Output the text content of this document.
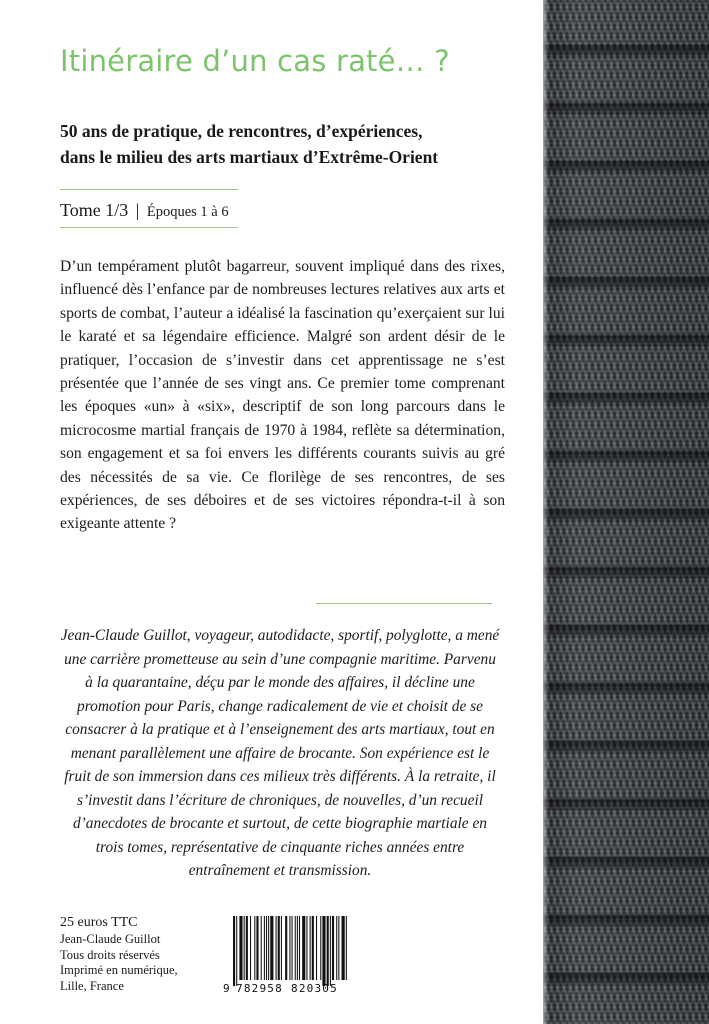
Itinéraire d’un cas raté… ?
50 ans de pratique, de rencontres, d’expériences,
dans le milieu des arts martiaux d’Extrême-Orient
Tome 1/3 | Époques 1 à 6

D’un tempérament plutôt bagarreur, souvent impliqué dans des rixes, influencé dès l’enfance par de nombreuses lectures relatives aux arts et sports de combat, l’auteur a idéalisé la fascination qu’exerçaient sur lui le karaté et sa légendaire efficience. Malgré son ardent désir de le pratiquer, l’occasion de s’investir dans cet apprentissage ne s’est présentée que l’année de ses vingt ans. Ce premier tome comprenant les époques «un» à «six», descriptif de son long parcours dans le microcosme martial français de 1970 à 1984, reflète sa détermination, son engagement et sa foi envers les différents courants suivis au gré des nécessités de sa vie. Ce florilège de ses rencontres, de ses expériences, de ses déboires et de ses victoires répondra-t-il à son exigeante attente ?

Jean-Claude Guillot, voyageur, autodidacte, sportif, polyglotte, a mené une carrière prometteuse au sein d’une compagnie maritime. Parvenu à la quarantaine, déçu par le monde des affaires, il décline une promotion pour Paris, change radicalement de vie et choisit de se consacrer à la pratique et à l’enseignement des arts martiaux, tout en menant parallèlement une affaire de brocante. Son expérience est le fruit de son immersion dans ces milieux très différents. À la retraite, il s’investit dans l’écriture de chroniques, de nouvelles, d’un recueil d’anecdotes de brocante et surtout, de cette biographie martiale en trois tomes, représentative de cinquante riches années entre entraînement et transmission.

25 euros TTC
Jean-Claude Guillot
Tous droits réservés
Imprimé en numérique,
Lille, France	9 782958 820305
